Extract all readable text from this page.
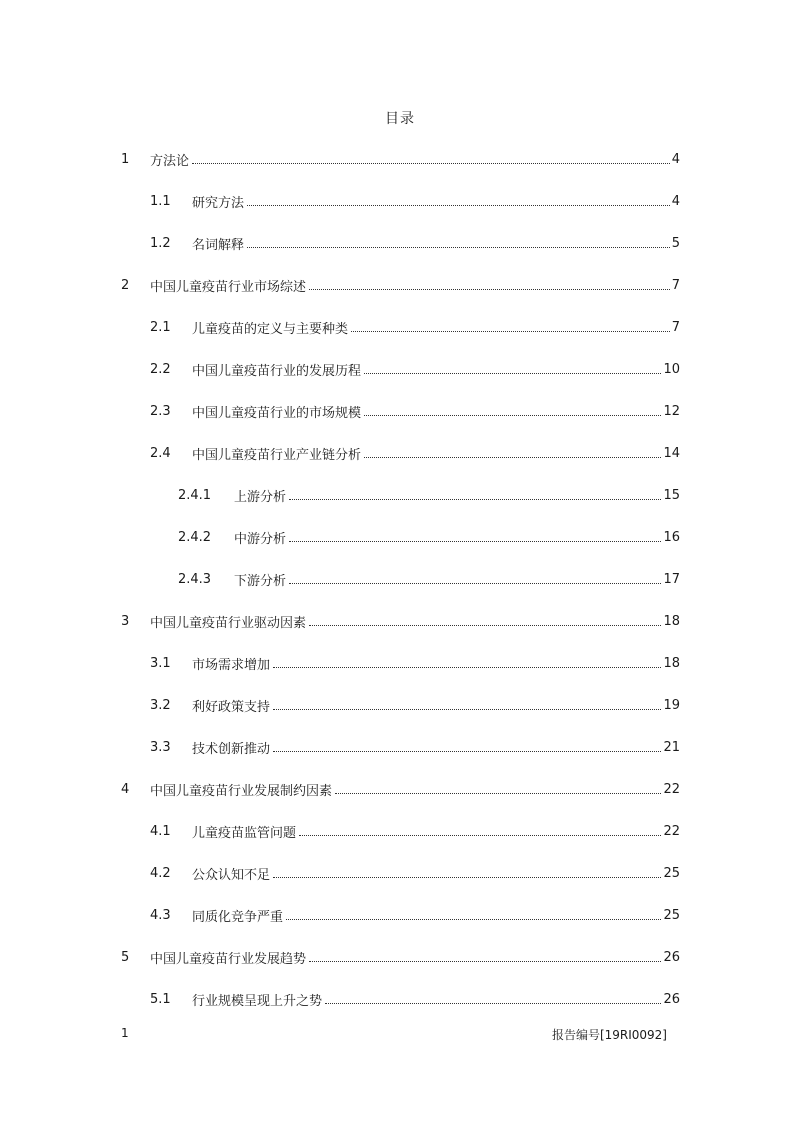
目录
1	方法论	4
1.1	研究方法	4
1.2	名词解释	5
2	中国儿童疫苗行业市场综述	7
2.1	儿童疫苗的定义与主要种类	7
2.2	中国儿童疫苗行业的发展历程	10
2.3	中国儿童疫苗行业的市场规模	12
2.4	中国儿童疫苗行业产业链分析	14
2.4.1	上游分析	15
2.4.2	中游分析	16
2.4.3	下游分析	17
3	中国儿童疫苗行业驱动因素	18
3.1	市场需求增加	18
3.2	利好政策支持	19
3.3	技术创新推动	21
4	中国儿童疫苗行业发展制约因素	22
4.1	儿童疫苗监管问题	22
4.2	公众认知不足	25
4.3	同质化竞争严重	25
5	中国儿童疫苗行业发展趋势	26
5.1	行业规模呈现上升之势	26
1	报告编号[19RI0092]
